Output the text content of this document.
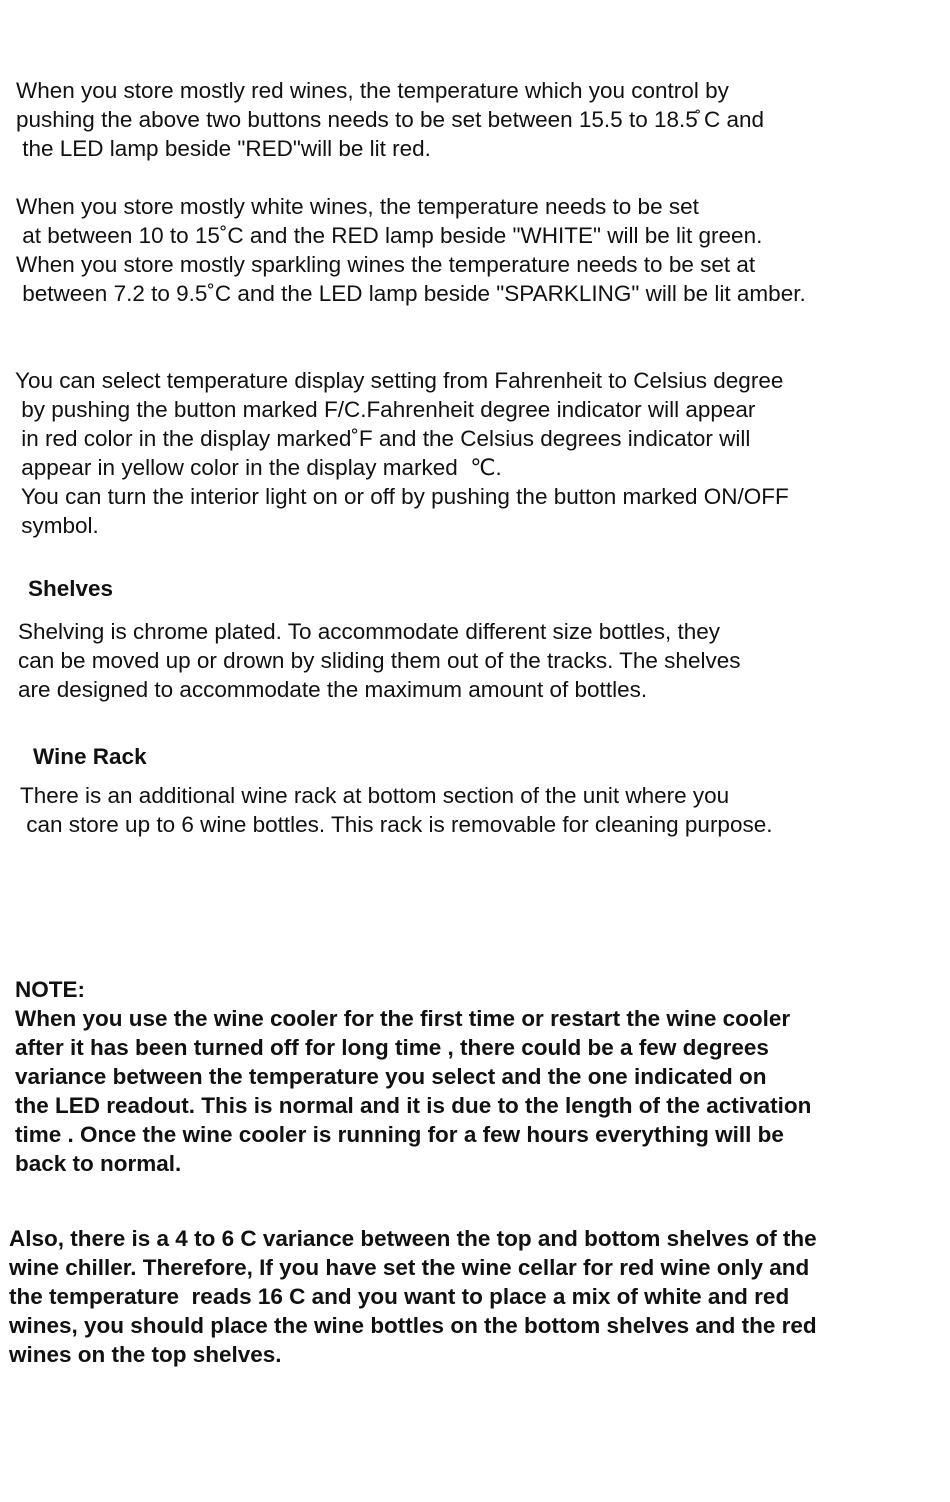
When you store mostly red wines, the temperature which you control by

pushing the above two buttons needs to be set between 15.5 to 18.5̊ C and

the LED lamp beside "RED"will be lit red.

When you store mostly white wines, the temperature needs to be set

at between 10 to 15˚C and the RED lamp beside "WHITE" will be lit green.

When you store mostly sparkling wines the temperature needs to be set at

between 7.2 to 9.5˚C and the LED lamp beside "SPARKLING" will be lit amber.

You can select temperature display setting from Fahrenheit to Celsius degree

by pushing the button marked F/C.Fahrenheit degree indicator will appear

in red color in the display marked˚F and the Celsius degrees indicator will

appear in yellow color in the display marked  ℃.

You can turn the interior light on or off by pushing the button marked ON/OFF

symbol.

Shelves

Shelving is chrome plated. To accommodate different size bottles, they

can be moved up or drown by sliding them out of the tracks. The shelves

are designed to accommodate the maximum amount of bottles.

Wine Rack

There is an additional wine rack at bottom section of the unit where you

can store up to 6 wine bottles. This rack is removable for cleaning purpose.

NOTE:

When you use the wine cooler for the first time or restart the wine cooler

after it has been turned off for long time , there could be a few degrees

variance between the temperature you select and the one indicated on

the LED readout. This is normal and it is due to the length of the activation

time . Once the wine cooler is running for a few hours everything will be

back to normal.

Also, there is a 4 to 6 C variance between the top and bottom shelves of the

wine chiller. Therefore, If you have set the wine cellar for red wine only and

the temperature  reads 16 C and you want to place a mix of white and red

wines, you should place the wine bottles on the bottom shelves and the red

wines on the top shelves.
